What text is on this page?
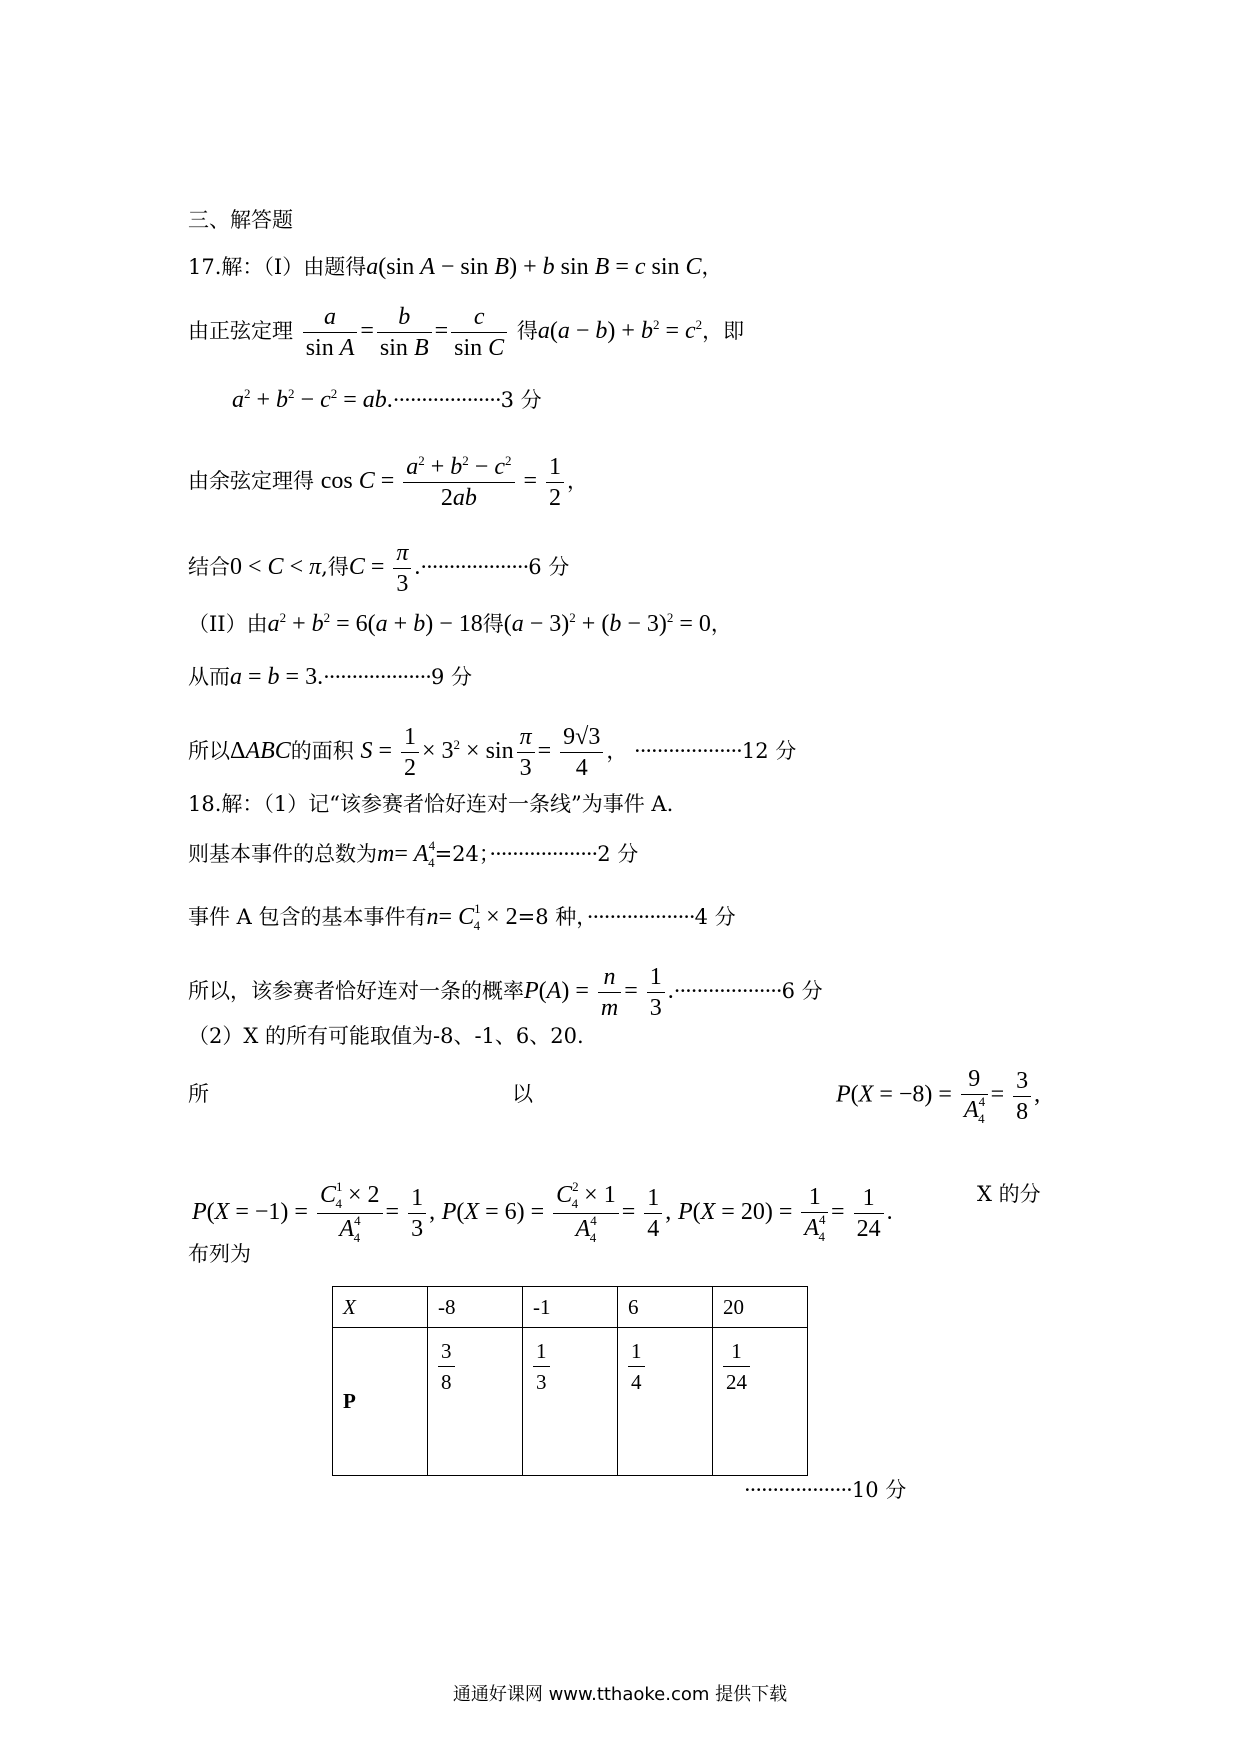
三、解答题
17.解：（I）由题得a(sin A − sin B) + b sin B = c sin C，
由正弦定理 $\frac{a}{\text{sin A}} = \frac{b}{\text{sin B}} = \frac{c}{\text{sin C}}$ 得$a(a - b) + b^2 = c^2$，即
$a^2 + b^2 - c^2 = ab.\cdot\cdot\cdot\cdot\cdot\cdot\cdot\cdot\cdot\cdot\cdot\cdot\cdot\cdot\cdot\cdot\cdot\cdot\cdot 3$ 分
由余弦定理得 $\cos C = \frac{a^2 + b^2 - c^2}{2ab} = \frac{1}{2}$ ，
结合0 < C < π,得$C = \frac{\pi}{3} .\cdot\cdot\cdot\cdot\cdot\cdot\cdot\cdot\cdot\cdot\cdot\cdot\cdot\cdot\cdot\cdot\cdot\cdot\cdot 6$ 分
（II）由$a^2 + b^2 = 6(a + b) - 18$得$(a - 3)^2 + (b - 3)^2 = 0$，
从而a = b = 3.···················9 分
所以ΔABC的面积 $S = \frac{1}{2} \times 3^2 \times \sin \frac{\pi}{3} = \frac{9√3}{4}$ ， ···················12 分
18.解：（1）记“该参赛者恰好连对一条线”为事件 A.
则基本事件的总数为$m= A^4_4=24$；···················2 分
事件 A 包含的基本事件有$n= C^1_4 \times 2=8$ 种，···················4 分
所以，该参赛者恰好连对一条的概率$P(A) = \frac{n}{m} = \frac{1}{3} .\cdot\cdot\cdot\cdot\cdot\cdot\cdot\cdot\cdot\cdot\cdot\cdot\cdot\cdot\cdot\cdot\cdot\cdot\cdot 6$ 分
（2）X 的所有可能取值为-8、-1、6、20.
所	以	$P(X = -8) = \frac{9}{A^4_4} = \frac{3}{8}$ ,
$P(X = -1) = \frac{C^1_4 \times 2}{A^4_4} = \frac{1}{3}$ , $P(X = 6) = \frac{C^2_4 \times 1}{A^4_4} = \frac{1}{4}$ , $P(X = 20) = \frac{1}{A^4_4} = \frac{1}{24}$ .
X 的分
布列为
X	-8	-1	6	20
P	$\frac{3}{8}$	$\frac{1}{3}$	$\frac{1}{4}$	$\frac{1}{24}$
···················10 分
通通好课网 www.tthaoke.com 提供下载
